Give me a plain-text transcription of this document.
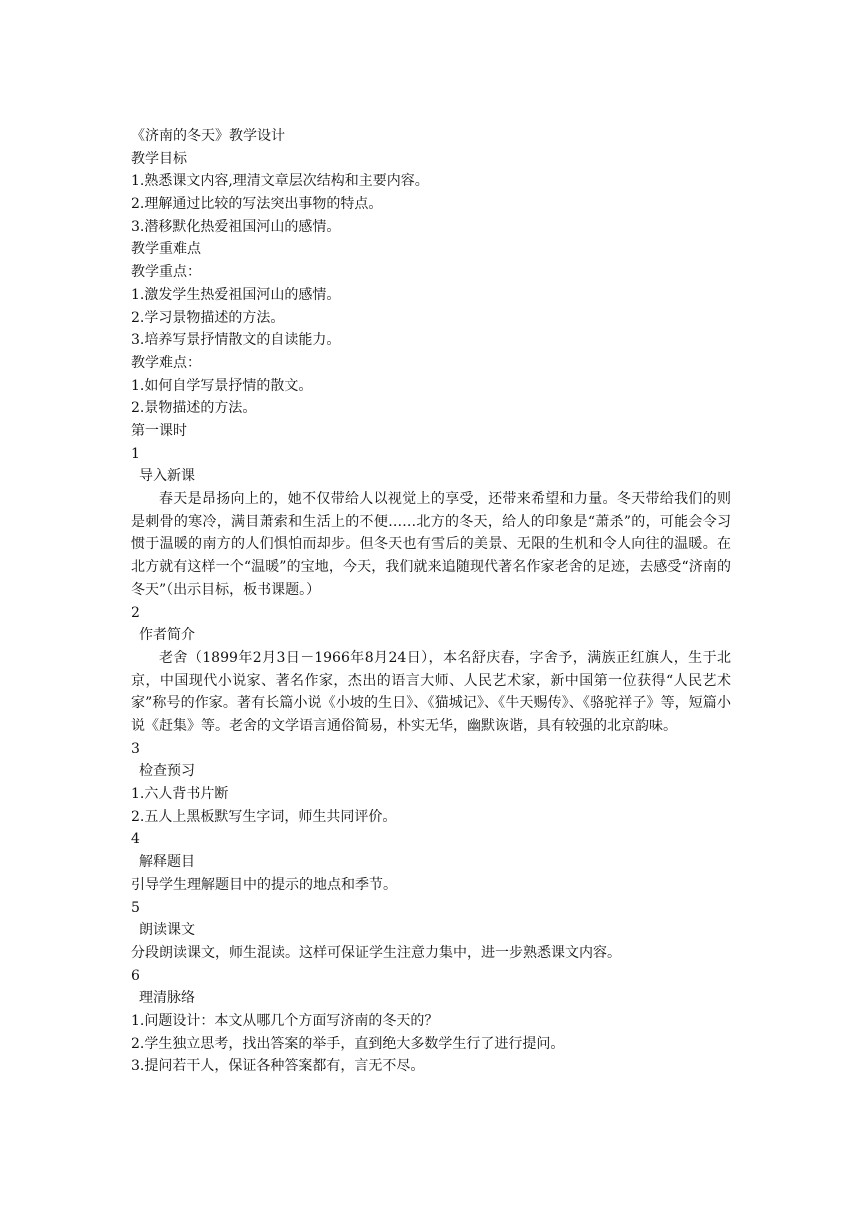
《济南的冬天》教学设计
教学目标
1.熟悉课文内容,理清文章层次结构和主要内容。
2.理解通过比较的写法突出事物的特点。
3.潜移默化热爱祖国河山的感情。
教学重难点
教学重点：
1.激发学生热爱祖国河山的感情。
2.学习景物描述的方法。
3.培养写景抒情散文的自读能力。
教学难点：
1.如何自学写景抒情的散文。
2.景物描述的方法。
第一课时
1
导入新课

春天是昂扬向上的，她不仅带给人以视觉上的享受，还带来希望和力量。冬天带给我们的则是刺骨的寒冷，满目萧索和生活上的不便……北方的冬天，给人的印象是“萧杀”的，可能会令习惯于温暖的南方的人们惧怕而却步。但冬天也有雪后的美景、无限的生机和令人向往的温暖。在北方就有这样一个“温暖”的宝地，今天，我们就来追随现代著名作家老舍的足迹，去感受“济南的冬天”（出示目标，板书课题。）

2
作者简介

老舍（1899年2月3日－1966年8月24日），本名舒庆春，字舍予，满族正红旗人，生于北京，中国现代小说家、著名作家，杰出的语言大师、人民艺术家，新中国第一位获得“人民艺术家”称号的作家。著有长篇小说《小坡的生日》、《猫城记》、《牛天赐传》、《骆驼祥子》等，短篇小说《赶集》等。老舍的文学语言通俗简易，朴实无华，幽默诙谐，具有较强的北京韵味。

3
检查预习
1.六人背书片断
2.五人上黑板默写生字词，师生共同评价。
4
解释题目
引导学生理解题目中的提示的地点和季节。
5
朗读课文
分段朗读课文，师生混读。这样可保证学生注意力集中，进一步熟悉课文内容。
6
理清脉络
1.问题设计：本文从哪几个方面写济南的冬天的？
2.学生独立思考，找出答案的举手，直到绝大多数学生行了进行提问。
3.提问若干人，保证各种答案都有，言无不尽。
